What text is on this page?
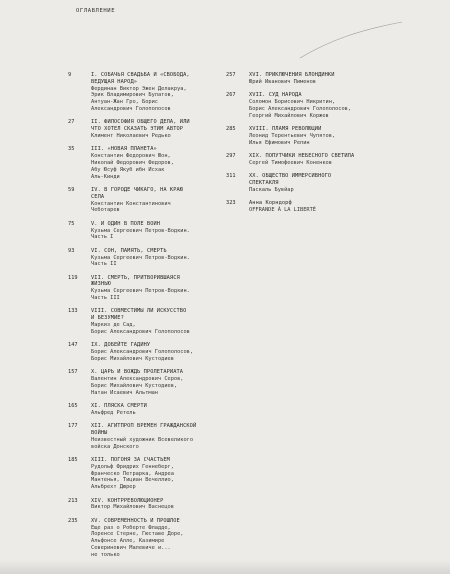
ОГЛАВЛЕНИЕ
9	I. СОБАЧЬЯ СВАДЬБА И «СВОБОДА,
ВЕДУЩАЯ НАРОД»
Фердинан Виктор Эжен Делакруа,
Эрик Владимирович Булатов,
Антуан-Жан Гро, Борис
Александрович Голополосов
27	II. ФИЛОСОФИЯ ОБЩЕГО ДЕЛА, ИЛИ
ЧТО ХОТЕЛ СКАЗАТЬ ЭТИМ АВТОР
Климент Николаевич Редько
35	III. «НОВАЯ ПЛАНЕТА»
Константин Федорович Юон,
Николай Федорович Федоров,
Абу Юсуф Якуб ибн Исхак
Аль-Кинди
59	IV. В ГОРОДЕ ЧИКАГО, НА КРАЮ
СЕЛА
Константин Константинович
Чеботарев
75	V. И ОДИН В ПОЛЕ ВОИН
Кузьма Сергеевич Петров-Водкин.
Часть I
93	VI. СОН, ПАМЯТЬ, СМЕРТЬ
Кузьма Сергеевич Петров-Водкин.
Часть II
119	VII. СМЕРТЬ, ПРИТВОРИВШАЯСЯ
ЖИЗНЬЮ
Кузьма Сергеевич Петров-Водкин.
Часть III
133	VIII. СОВМЕСТИМЫ ЛИ ИСКУССТВО
И БЕЗУМИЕ?
Маркиз де Сад,
Борис Александрович Голополосов
147	IX. ДОБЕЙТЕ ГАДИНУ
Борис Александрович Голополосов,
Борис Михайлович Кустодиев
157	X. ЦАРЬ И ВОЖДЬ ПРОЛЕТАРИАТА
Валентин Александрович Серов,
Борис Михайлович Кустодиев,
Натан Исаевич Альтман
165	XI. ПЛЯСКА СМЕРТИ
Альфред Ретель
177	XII. АГИТПРОП ВРЕМЕН ГРАЖДАНСКОЙ
ВОЙНЫ
Неизвестный художник Всевеликого
войска Донского
185	XIII. ПОГОНЯ ЗА СЧАСТЬЕМ
Рудольф Фридрих Геннеберг,
Франческо Петрарка, Андреа
Мантенья, Тициан Вечеллио,
Альбрехт Дюрер
213	XIV. КОНТРРЕВОЛЮЦИОНЕР
Виктор Михайлович Васнецов
235	XV. СОВРЕМЕННОСТЬ И ПРОШЛОЕ
Еще раз о Роберте Фладде,
Лоренсе Стерне, Гюставе Доре,
Альфонсе Алле, Казимире
Северинович Малевиче и...
не только
257	XVI. ПРИКЛЮЧЕНИЯ БЛОНДИНКИ
Юрий Иванович Пименов
267	XVII. СУД НАРОДА
Соломон Борисович Никритин,
Борис Александрович Голополосов,
Георгий Михайлович Коржев
285	XVIII. ПЛАМЯ РЕВОЛЮЦИИ
Леонид Терентьевич Чупятов,
Илья Ефимович Репин
297	XIX. ПОПУТЧИКИ НЕБЕСНОГО СВЕТИЛА
Сергей Тимофеевич Коненков
311	XX. ОБЩЕСТВО ИММЕРСИВНОГО
СПЕКТАКЛЯ
Паскаль Бувйар
323	Анна Корндорф
OFFRANDE À LA LIBERTÉ
